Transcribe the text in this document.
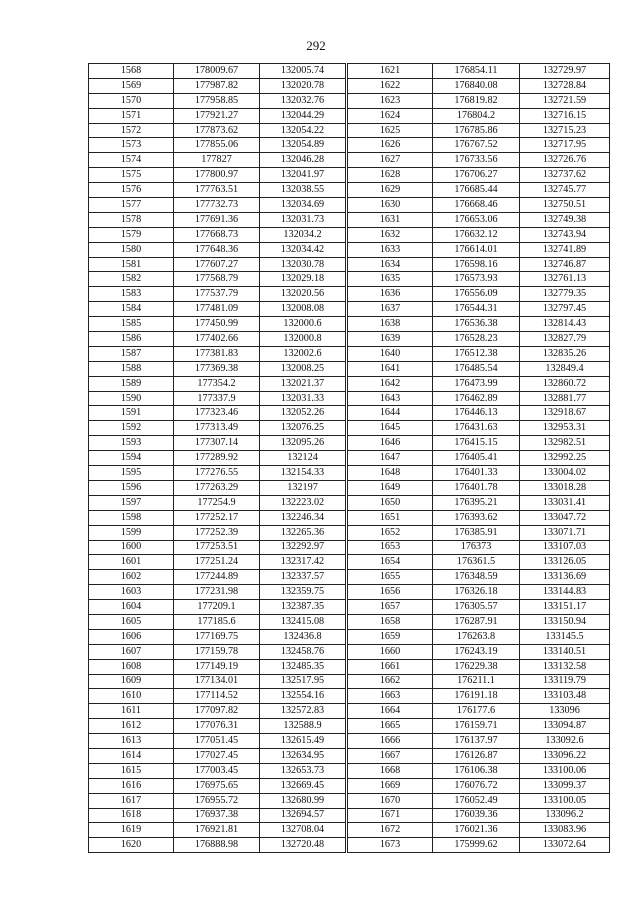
292
1568	178009.67	132005.74	1621	176854.11	132729.97
1569	177987.82	132020.78	1622	176840.08	132728.84
1570	177958.85	132032.76	1623	176819.82	132721.59
1571	177921.27	132044.29	1624	176804.2	132716.15
1572	177873.62	132054.22	1625	176785.86	132715.23
1573	177855.06	132054.89	1626	176767.52	132717.95
1574	177827	132046.28	1627	176733.56	132726.76
1575	177800.97	132041.97	1628	176706.27	132737.62
1576	177763.51	132038.55	1629	176685.44	132745.77
1577	177732.73	132034.69	1630	176668.46	132750.51
1578	177691.36	132031.73	1631	176653.06	132749.38
1579	177668.73	132034.2	1632	176632.12	132743.94
1580	177648.36	132034.42	1633	176614.01	132741.89
1581	177607.27	132030.78	1634	176598.16	132746.87
1582	177568.79	132029.18	1635	176573.93	132761.13
1583	177537.79	132020.56	1636	176556.09	132779.35
1584	177481.09	132008.08	1637	176544.31	132797.45
1585	177450.99	132000.6	1638	176536.38	132814.43
1586	177402.66	132000.8	1639	176528.23	132827.79
1587	177381.83	132002.6	1640	176512.38	132835.26
1588	177369.38	132008.25	1641	176485.54	132849.4
1589	177354.2	132021.37	1642	176473.99	132860.72
1590	177337.9	132031.33	1643	176462.89	132881.77
1591	177323.46	132052.26	1644	176446.13	132918.67
1592	177313.49	132076.25	1645	176431.63	132953.31
1593	177307.14	132095.26	1646	176415.15	132982.51
1594	177289.92	132124	1647	176405.41	132992.25
1595	177276.55	132154.33	1648	176401.33	133004.02
1596	177263.29	132197	1649	176401.78	133018.28
1597	177254.9	132223.02	1650	176395.21	133031.41
1598	177252.17	132246.34	1651	176393.62	133047.72
1599	177252.39	132265.36	1652	176385.91	133071.71
1600	177253.51	132292.97	1653	176373	133107.03
1601	177251.24	132317.42	1654	176361.5	133126.05
1602	177244.89	132337.57	1655	176348.59	133136.69
1603	177231.98	132359.75	1656	176326.18	133144.83
1604	177209.1	132387.35	1657	176305.57	133151.17
1605	177185.6	132415.08	1658	176287.91	133150.94
1606	177169.75	132436.8	1659	176263.8	133145.5
1607	177159.78	132458.76	1660	176243.19	133140.51
1608	177149.19	132485.35	1661	176229.38	133132.58
1609	177134.01	132517.95	1662	176211.1	133119.79
1610	177114.52	132554.16	1663	176191.18	133103.48
1611	177097.82	132572.83	1664	176177.6	133096
1612	177076.31	132588.9	1665	176159.71	133094.87
1613	177051.45	132615.49	1666	176137.97	133092.6
1614	177027.45	132634.95	1667	176126.87	133096.22
1615	177003.45	132653.73	1668	176106.38	133100.06
1616	176975.65	132669.45	1669	176076.72	133099.37
1617	176955.72	132680.99	1670	176052.49	133100.05
1618	176937.38	132694.57	1671	176039.36	133096.2
1619	176921.81	132708.04	1672	176021.36	133083.96
1620	176888.98	132720.48	1673	175999.62	133072.64
